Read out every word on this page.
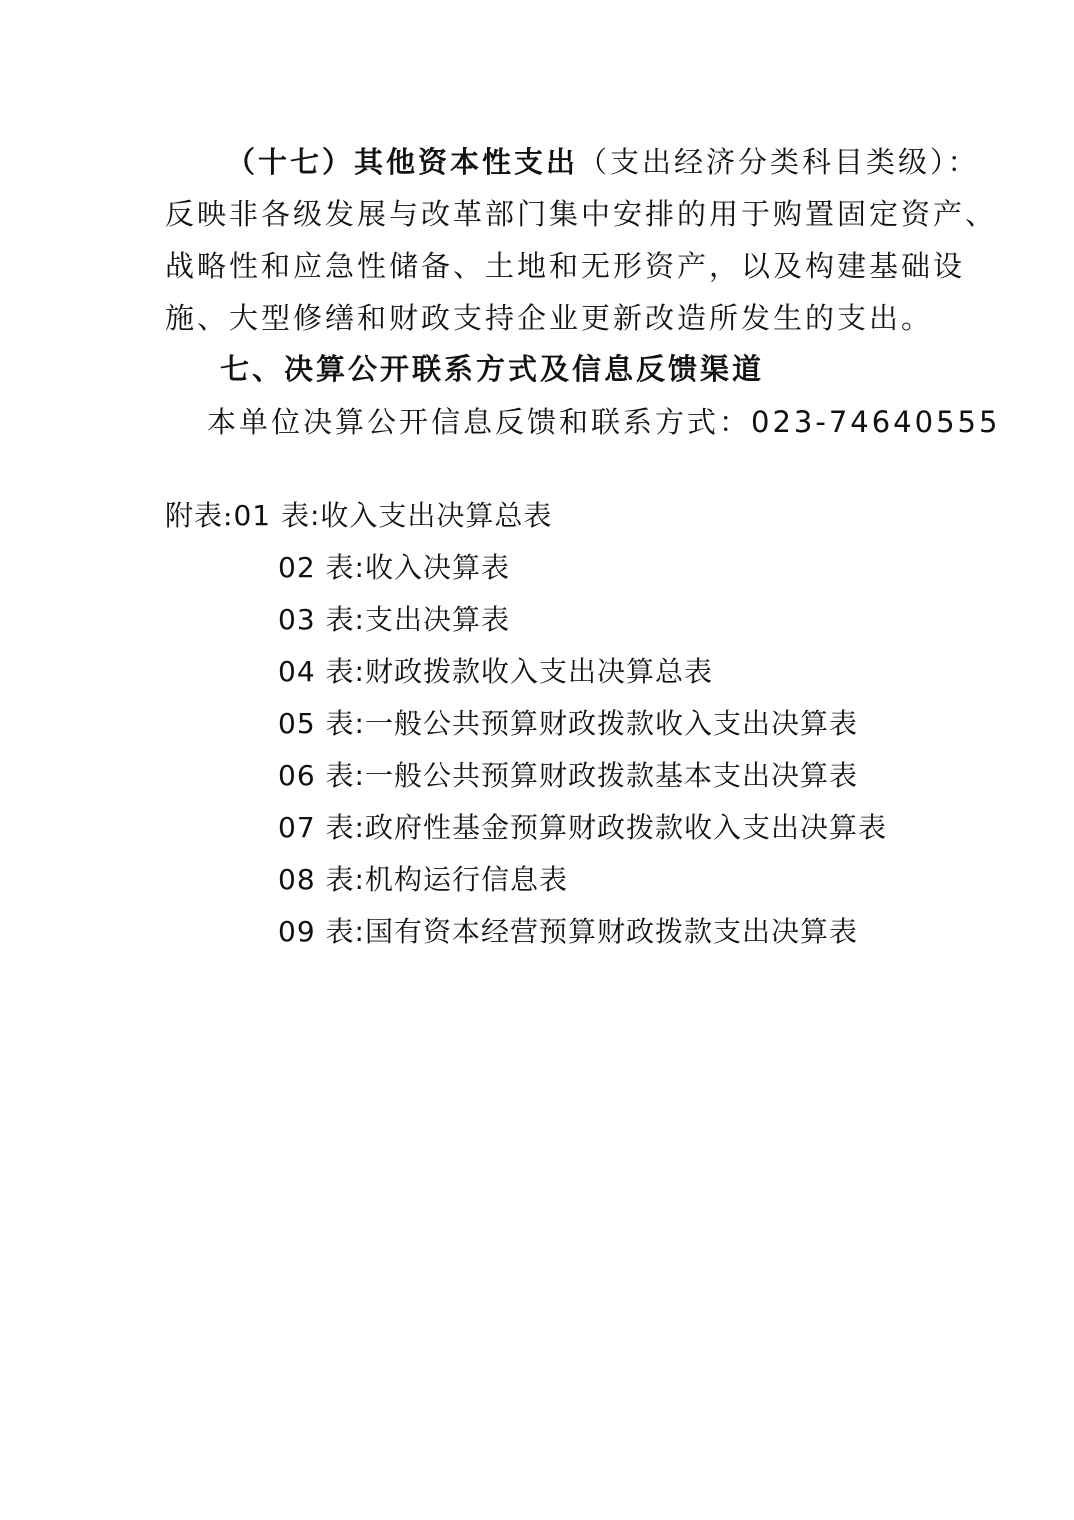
（十七）其他资本性支出（支出经济分类科目类级）：
反映非各级发展与改革部门集中安排的用于购置固定资产、
战略性和应急性储备、土地和无形资产，以及构建基础设
施、大型修缮和财政支持企业更新改造所发生的支出。
七、决算公开联系方式及信息反馈渠道
本单位决算公开信息反馈和联系方式：023-74640555
附表:01 表:收入支出决算总表
02 表:收入决算表
03 表:支出决算表
04 表:财政拨款收入支出决算总表
05 表:一般公共预算财政拨款收入支出决算表
06 表:一般公共预算财政拨款基本支出决算表
07 表:政府性基金预算财政拨款收入支出决算表
08 表:机构运行信息表
09 表:国有资本经营预算财政拨款支出决算表
